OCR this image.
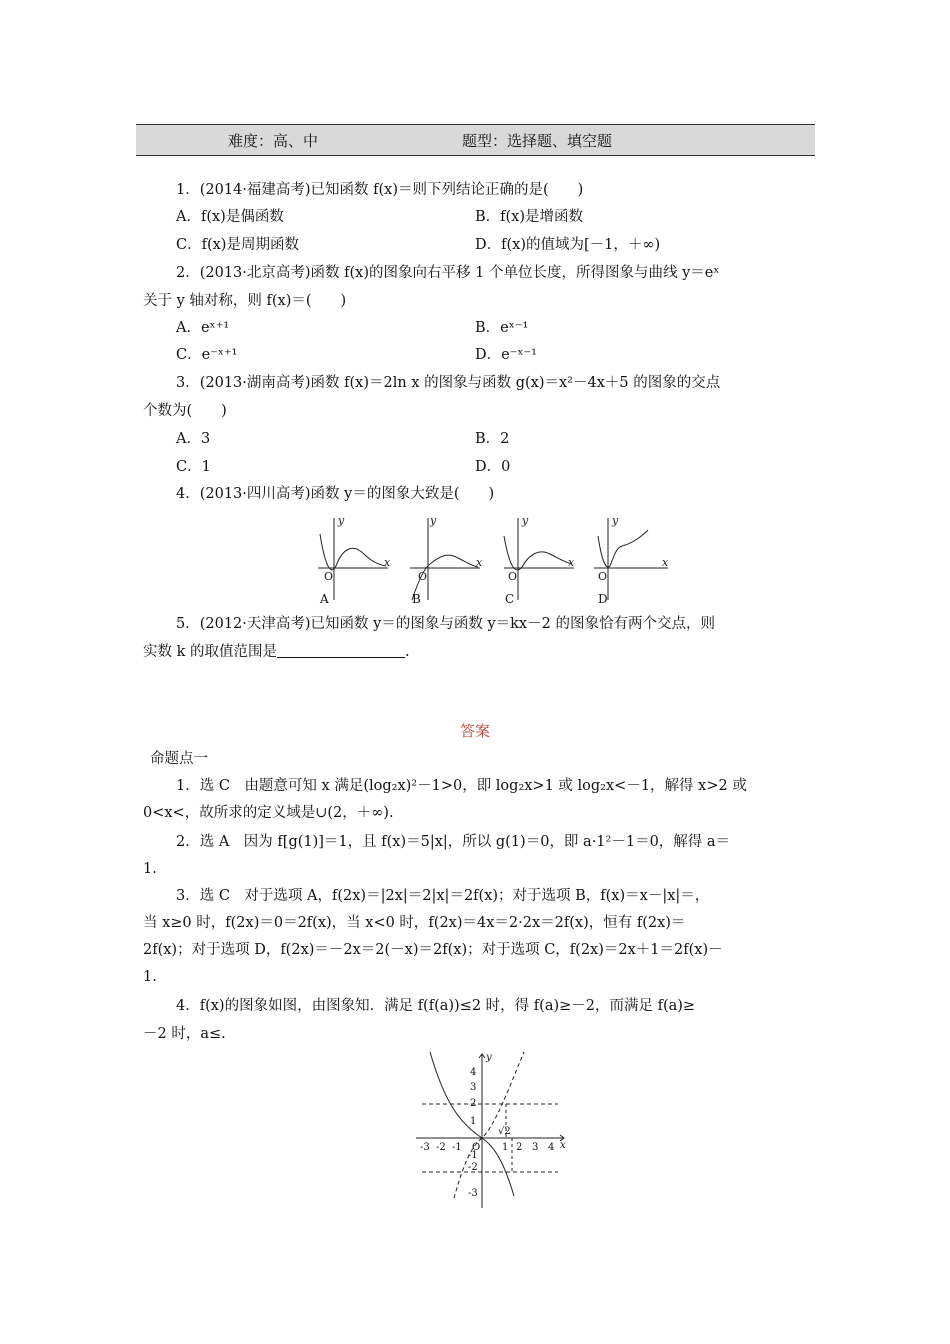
难度：高、中	题型：选择题、填空题
1．(2014·福建高考)已知函数 f(x)＝则下列结论正确的是(　　)
A．f(x)是偶函数	B．f(x)是增函数
C．f(x)是周期函数	D．f(x)的值域为[－1，＋∞)
2．(2013·北京高考)函数 f(x)的图象向右平移 1 个单位长度，所得图象与曲线 y＝eˣ
关于 y 轴对称，则 f(x)＝(　　)
A．eˣ⁺¹	B．eˣ⁻¹
C．e⁻ˣ⁺¹	D．e⁻ˣ⁻¹
3．(2013·湖南高考)函数 f(x)＝2ln x 的图象与函数 g(x)＝x²－4x＋5 的图象的交点
个数为(　　)
A．3	B．2
C．1	D．0
4．(2013·四川高考)函数 y＝的图象大致是(　　)
y
x
O
y
x
O
y
x
O
y
x
O
A	B	C	D
5．(2012·天津高考)已知函数 y＝的图象与函数 y＝kx－2 的图象恰有两个交点，则
实数 k 的取值范围是	.
答案
命题点一
1．选 C　由题意可知 x 满足(log₂x)²－1>0，即 log₂x>1 或 log₂x<－1，解得 x>2 或
0<x<，故所求的定义域是∪(2，＋∞).
2．选 A　因为 f[g(1)]＝1，且 f(x)＝5|x|，所以 g(1)＝0，即 a·1²－1＝0，解得 a＝
1.
3．选 C　对于选项 A，f(2x)＝|2x|＝2|x|＝2f(x)；对于选项 B，f(x)＝x－|x|＝，
当 x≥0 时，f(2x)＝0＝2f(x)，当 x<0 时，f(2x)＝4x＝2·2x＝2f(x)，恒有 f(2x)＝
2f(x)；对于选项 D，f(2x)＝－2x＝2(－x)＝2f(x)；对于选项 C，f(2x)＝2x＋1＝2f(x)－
1.
4．f(x)的图象如图，由图象知．满足 f(f(a))≤2 时，得 f(a)≥－2，而满足 f(a)≥
－2 时，a≤.
4
3
2
1
-1
-2
-3
-3 -2 -1 O 1 2 3 4
√2
x
y
